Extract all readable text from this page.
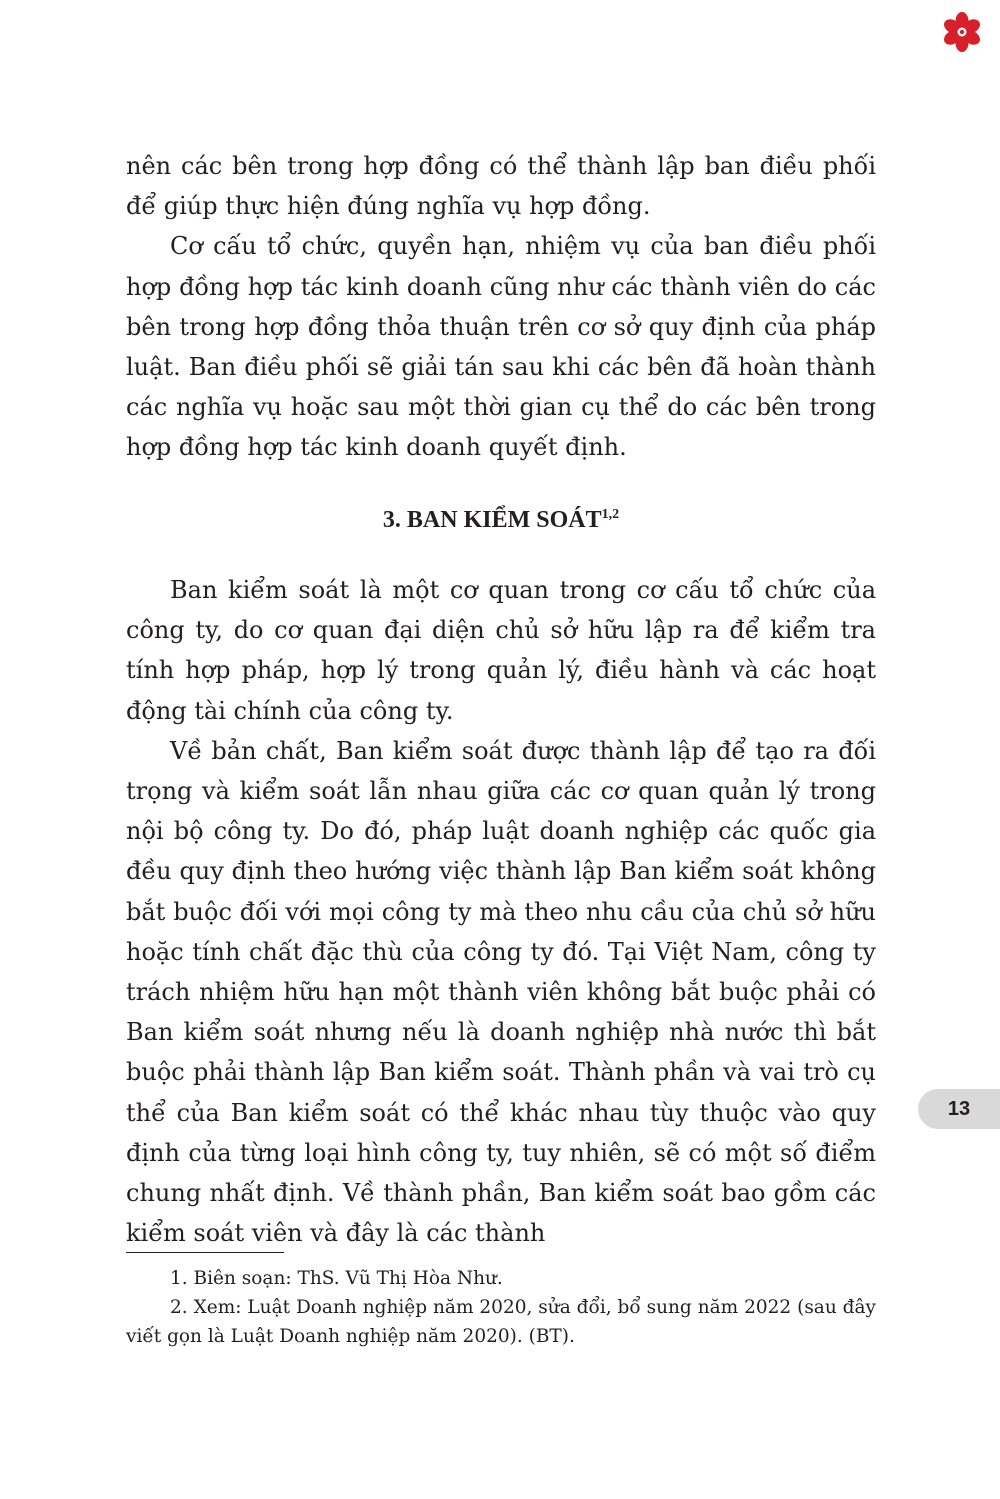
nên các bên trong hợp đồng có thể thành lập ban điều phối để giúp thực hiện đúng nghĩa vụ hợp đồng.

Cơ cấu tổ chức, quyền hạn, nhiệm vụ của ban điều phối hợp đồng hợp tác kinh doanh cũng như các thành viên do các bên trong hợp đồng thỏa thuận trên cơ sở quy định của pháp luật. Ban điều phối sẽ giải tán sau khi các bên đã hoàn thành các nghĩa vụ hoặc sau một thời gian cụ thể do các bên trong hợp đồng hợp tác kinh doanh quyết định.

3. BAN KIỂM SOÁT$^{1,2}$

Ban kiểm soát là một cơ quan trong cơ cấu tổ chức của công ty, do cơ quan đại diện chủ sở hữu lập ra để kiểm tra tính hợp pháp, hợp lý trong quản lý, điều hành và các hoạt động tài chính của công ty.

Về bản chất, Ban kiểm soát được thành lập để tạo ra đối trọng và kiểm soát lẫn nhau giữa các cơ quan quản lý trong nội bộ công ty. Do đó, pháp luật doanh nghiệp các quốc gia đều quy định theo hướng việc thành lập Ban kiểm soát không bắt buộc đối với mọi công ty mà theo nhu cầu của chủ sở hữu hoặc tính chất đặc thù của công ty đó. Tại Việt Nam, công ty trách nhiệm hữu hạn một thành viên không bắt buộc phải có Ban kiểm soát nhưng nếu là doanh nghiệp nhà nước thì bắt buộc phải thành lập Ban kiểm soát. Thành phần và vai trò cụ thể của Ban kiểm soát có thể khác nhau tùy thuộc vào quy định của từng loại hình công ty, tuy nhiên, sẽ có một số điểm chung nhất định. Về thành phần, Ban kiểm soát bao gồm các kiểm soát viên và đây là các thành

13

1. Biên soạn: ThS. Vũ Thị Hòa Như.

2. Xem: Luật Doanh nghiệp năm 2020, sửa đổi, bổ sung năm 2022 (sau đây viết gọn là Luật Doanh nghiệp năm 2020). (BT).
